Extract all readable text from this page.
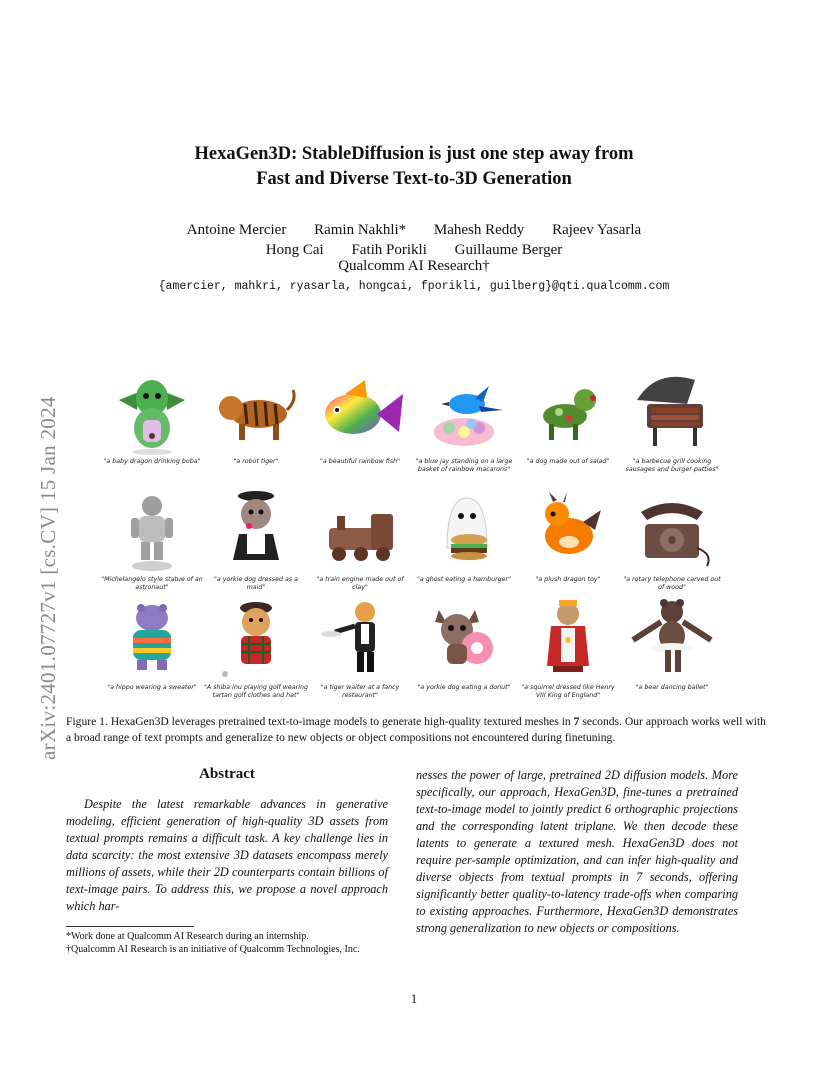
arXiv:2401.07727v1 [cs.CV] 15 Jan 2024
HexaGen3D: StableDiffusion is just one step away from
Fast and Diverse Text-to-3D Generation
Antoine Mercier Ramin Nakhli* Mahesh Reddy Rajeev Yasarla
Hong Cai Fatih Porikli Guillaume Berger
Qualcomm AI Research†
{amercier, mahkri, ryasarla, hongcai, fporikli, guilberg}@qti.qualcomm.com
"a baby dragon drinking boba"	"a robot tiger"	"a beautiful rainbow fish"	"a blue jay standing on a large basket of rainbow macarons"
"a dog made out of salad"	"a barbecue grill cooking sausages and burger patties"
"Michelangelo style statue of an astronaut"
"a yorkie dog dressed as a maid"
"a train engine made out of clay"
"a ghost eating a hamburger"	"a plush dragon toy"	"a rotary telephone carved out of wood"
"a hippo wearing a sweater"	"A shiba inu playing golf wearing tartan golf clothes and hat"
"a tiger waiter at a fancy restaurant"
"a yorkie dog eating a donut"	"a squirrel dressed like Henry VIII King of England"
"a bear dancing ballet"
Figure 1. HexaGen3D leverages pretrained text-to-image models to generate high-quality textured meshes in 7 seconds. Our approach works well with a broad range of text prompts and generalize to new objects or object compositions not encountered during finetuning.
Abstract

Despite the latest remarkable advances in generative modeling, efficient generation of high-quality 3D assets from textual prompts remains a difficult task. A key challenge lies in data scarcity: the most extensive 3D datasets encompass merely millions of assets, while their 2D counterparts contain billions of text-image pairs. To address this, we propose a novel approach which har-

nesses the power of large, pretrained 2D diffusion models. More specifically, our approach, HexaGen3D, fine-tunes a pretrained text-to-image model to jointly predict 6 orthographic projections and the corresponding latent triplane. We then decode these latents to generate a textured mesh. HexaGen3D does not require per-sample optimization, and can infer high-quality and diverse objects from textual prompts in 7 seconds, offering significantly better quality-to-latency trade-offs when comparing to existing approaches. Furthermore, HexaGen3D demonstrates strong generalization to new objects or compositions.

*Work done at Qualcomm AI Research during an internship.
†Qualcomm AI Research is an initiative of Qualcomm Technologies, Inc.
1
